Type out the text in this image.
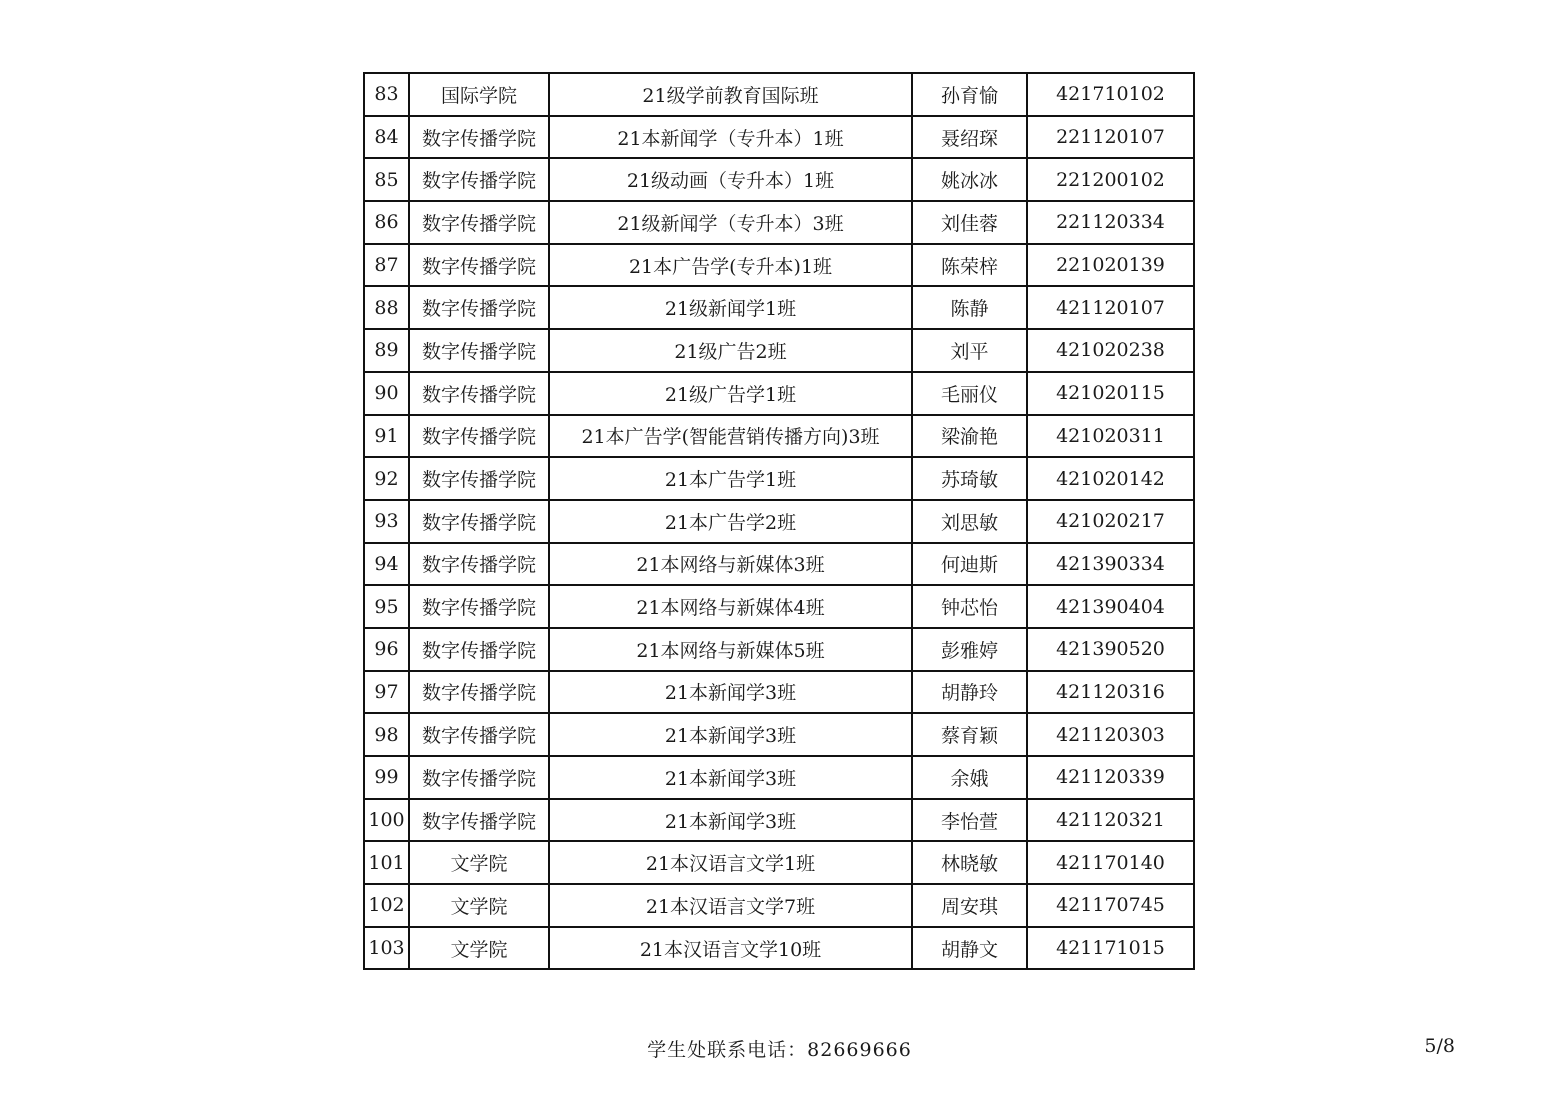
83	国际学院	21级学前教育国际班	孙育愉	421710102
84	数字传播学院	21本新闻学（专升本）1班	聂绍琛	221120107
85	数字传播学院	21级动画（专升本）1班	姚冰冰	221200102
86	数字传播学院	21级新闻学（专升本）3班	刘佳蓉	221120334
87	数字传播学院	21本广告学(专升本)1班	陈荣梓	221020139
88	数字传播学院	21级新闻学1班	陈静	421120107
89	数字传播学院	21级广告2班	刘平	421020238
90	数字传播学院	21级广告学1班	毛丽仪	421020115
91	数字传播学院	21本广告学(智能营销传播方向)3班	梁渝艳	421020311
92	数字传播学院	21本广告学1班	苏琦敏	421020142
93	数字传播学院	21本广告学2班	刘思敏	421020217
94	数字传播学院	21本网络与新媒体3班	何迪斯	421390334
95	数字传播学院	21本网络与新媒体4班	钟芯怡	421390404
96	数字传播学院	21本网络与新媒体5班	彭雅婷	421390520
97	数字传播学院	21本新闻学3班	胡静玲	421120316
98	数字传播学院	21本新闻学3班	蔡育颖	421120303
99	数字传播学院	21本新闻学3班	余娥	421120339
100	数字传播学院	21本新闻学3班	李怡萱	421120321
101	文学院	21本汉语言文学1班	林晓敏	421170140
102	文学院	21本汉语言文学7班	周安琪	421170745
103	文学院	21本汉语言文学10班	胡静文	421171015
学生处联系电话：82669666	5/8
